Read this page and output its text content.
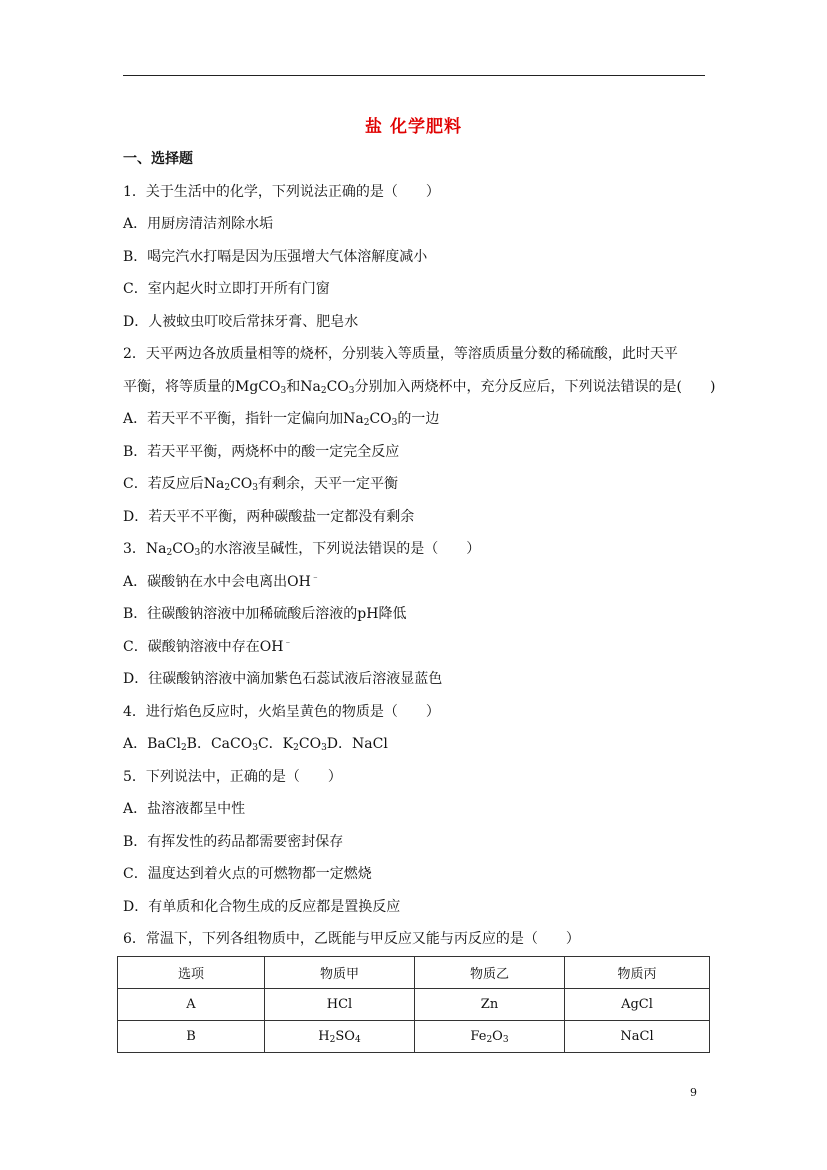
盐 化学肥料
一、选择题
1．关于生活中的化学，下列说法正确的是（　　）
A．用厨房清洁剂除水垢
B．喝完汽水打嗝是因为压强增大气体溶解度减小
C．室内起火时立即打开所有门窗
D．人被蚊虫叮咬后常抹牙膏、肥皂水
2．天平两边各放质量相等的烧杯，分别装入等质量，等溶质质量分数的稀硫酸，此时天平
平衡，将等质量的MgCO$_3$和$Na_2CO_3$分别加入两烧杯中，充分反应后，下列说法错误的是(　　)
A．若天平不平衡，指针一定偏向加$Na_2CO_3$的一边
B．若天平平衡，两烧杯中的酸一定完全反应
C．若反应后$Na_2CO_3$有剩余，天平一定平衡
D．若天平不平衡，两种碳酸盐一定都没有剩余
3．$Na_2CO_3$的水溶液呈碱性，下列说法错误的是（　　）
A．碳酸钠在水中会电离出OH﹣
B．往碳酸钠溶液中加稀硫酸后溶液的pH降低
C．碳酸钠溶液中存在OH﹣
D．往碳酸钠溶液中滴加紫色石蕊试液后溶液显蓝色
4．进行焰色反应时，火焰呈黄色的物质是（　　）
A．BaCl$_2$B．CaCO$_3$C．$K_2CO_3D$．NaCl
5．下列说法中，正确的是（　　）
A．盐溶液都呈中性
B．有挥发性的药品都需要密封保存
C．温度达到着火点的可燃物都一定燃烧
D．有单质和化合物生成的反应都是置换反应
6．常温下，下列各组物质中，乙既能与甲反应又能与丙反应的是（　　）
选项	物质甲	物质乙	物质丙
A	HCl	Zn	AgCl
B	$H_2SO_4$	$Fe_2O_3$	NaCl
9
